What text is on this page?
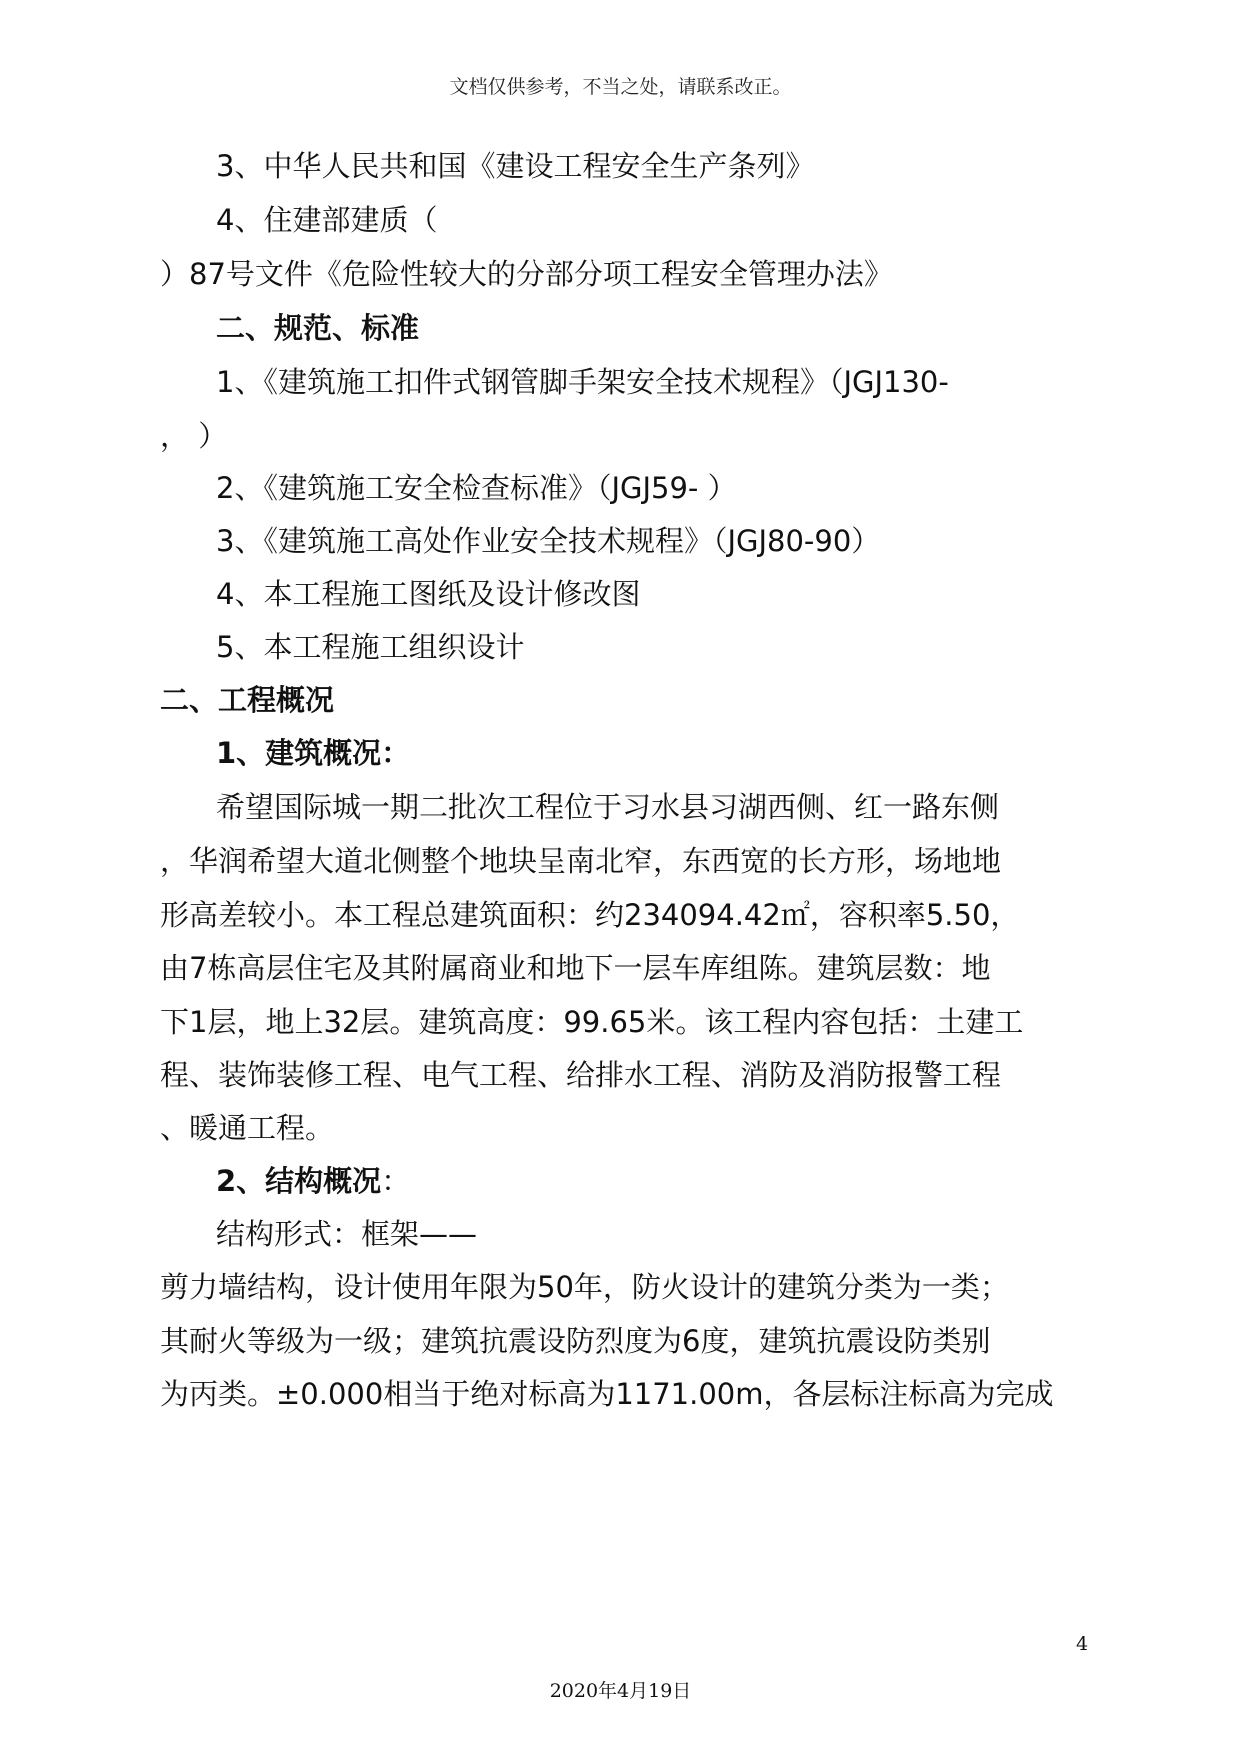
文档仅供参考，不当之处，请联系改正。
3、中华人民共和国《建设工程安全生产条列》
4、住建部建质（
）87号文件《危险性较大的分部分项工程安全管理办法》
二、规范、标准
1、《建筑施工扣件式钢管脚手架安全技术规程》（JGJ130-
， ）
2、《建筑施工安全检查标准》（JGJ59- ）
3、《建筑施工高处作业安全技术规程》（JGJ80-90）
4、本工程施工图纸及设计修改图
5、本工程施工组织设计
二、工程概况
1、建筑概况：
希望国际城一期二批次工程位于习水县习湖西侧、红一路东侧
，华润希望大道北侧整个地块呈南北窄，东西宽的长方形，场地地
形高差较小。本工程总建筑面积：约234094.42㎡，容积率5.50，
由7栋高层住宅及其附属商业和地下一层车库组陈。建筑层数：地
下1层，地上32层。建筑高度：99.65米。该工程内容包括：土建工
程、装饰装修工程、电气工程、给排水工程、消防及消防报警工程
、暖通工程。
2、结构概况：
结构形式：框架——
剪力墙结构，设计使用年限为50年，防火设计的建筑分类为一类；
其耐火等级为一级；建筑抗震设防烈度为6度，建筑抗震设防类别
为丙类。±0.000相当于绝对标高为1171.00m，各层标注标高为完成
4
2020年4月19日
